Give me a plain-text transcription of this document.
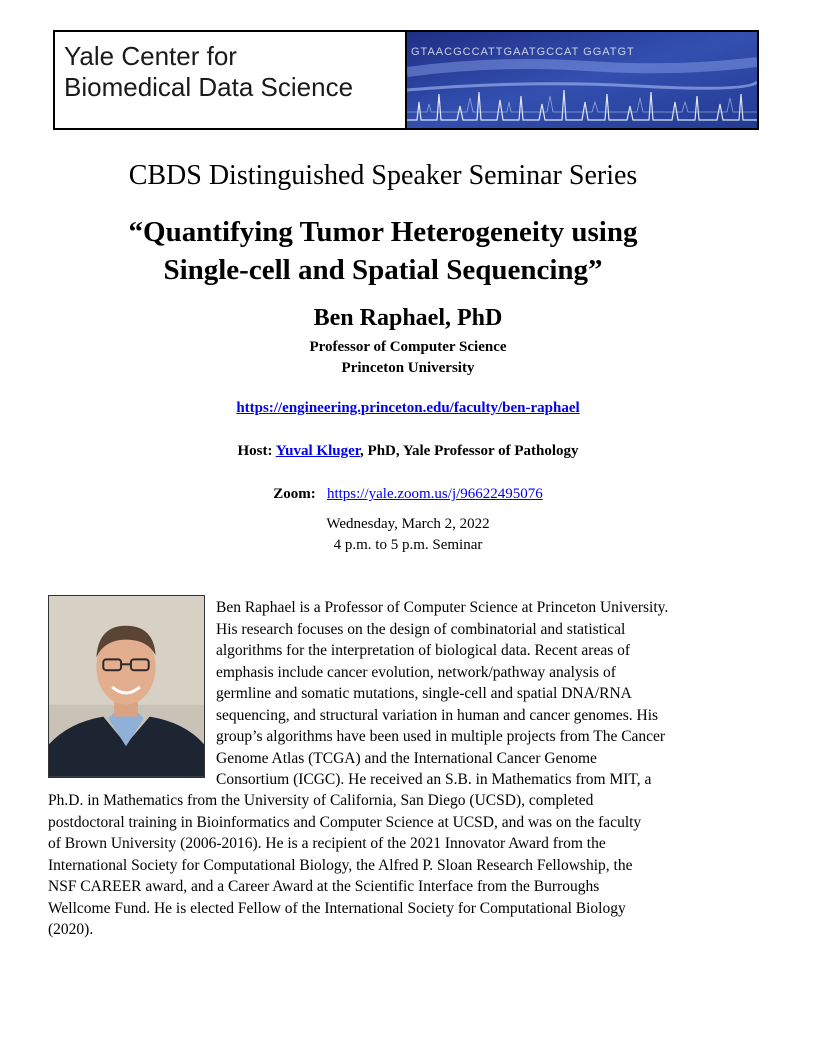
Yale Center for
Biomedical Data Science
GTAACGCCATTGAATGCCAT GGATGT
CBDS Distinguished Speaker Seminar Series
“Quantifying Tumor Heterogeneity using
Single-cell and Spatial Sequencing”
Ben Raphael, PhD
Professor of Computer Science
Princeton University
https://engineering.princeton.edu/faculty/ben-raphael
Host: Yuval Kluger, PhD, Yale Professor of Pathology
Zoom: https://yale.zoom.us/j/96622495076
Wednesday, March 2, 2022
4 p.m. to 5 p.m. Seminar
Ben Raphael is a Professor of Computer Science at Princeton University.
His research focuses on the design of combinatorial and statistical
algorithms for the interpretation of biological data. Recent areas of
emphasis include cancer evolution, network/pathway analysis of
germline and somatic mutations, single-cell and spatial DNA/RNA
sequencing, and structural variation in human and cancer genomes. His
group’s algorithms have been used in multiple projects from The Cancer
Genome Atlas (TCGA) and the International Cancer Genome
Consortium (ICGC). He received an S.B. in Mathematics from MIT, a
Ph.D. in Mathematics from the University of California, San Diego (UCSD), completed
postdoctoral training in Bioinformatics and Computer Science at UCSD, and was on the faculty
of Brown University (2006-2016). He is a recipient of the 2021 Innovator Award from the
International Society for Computational Biology, the Alfred P. Sloan Research Fellowship, the
NSF CAREER award, and a Career Award at the Scientific Interface from the Burroughs
Wellcome Fund. He is elected Fellow of the International Society for Computational Biology
(2020).
